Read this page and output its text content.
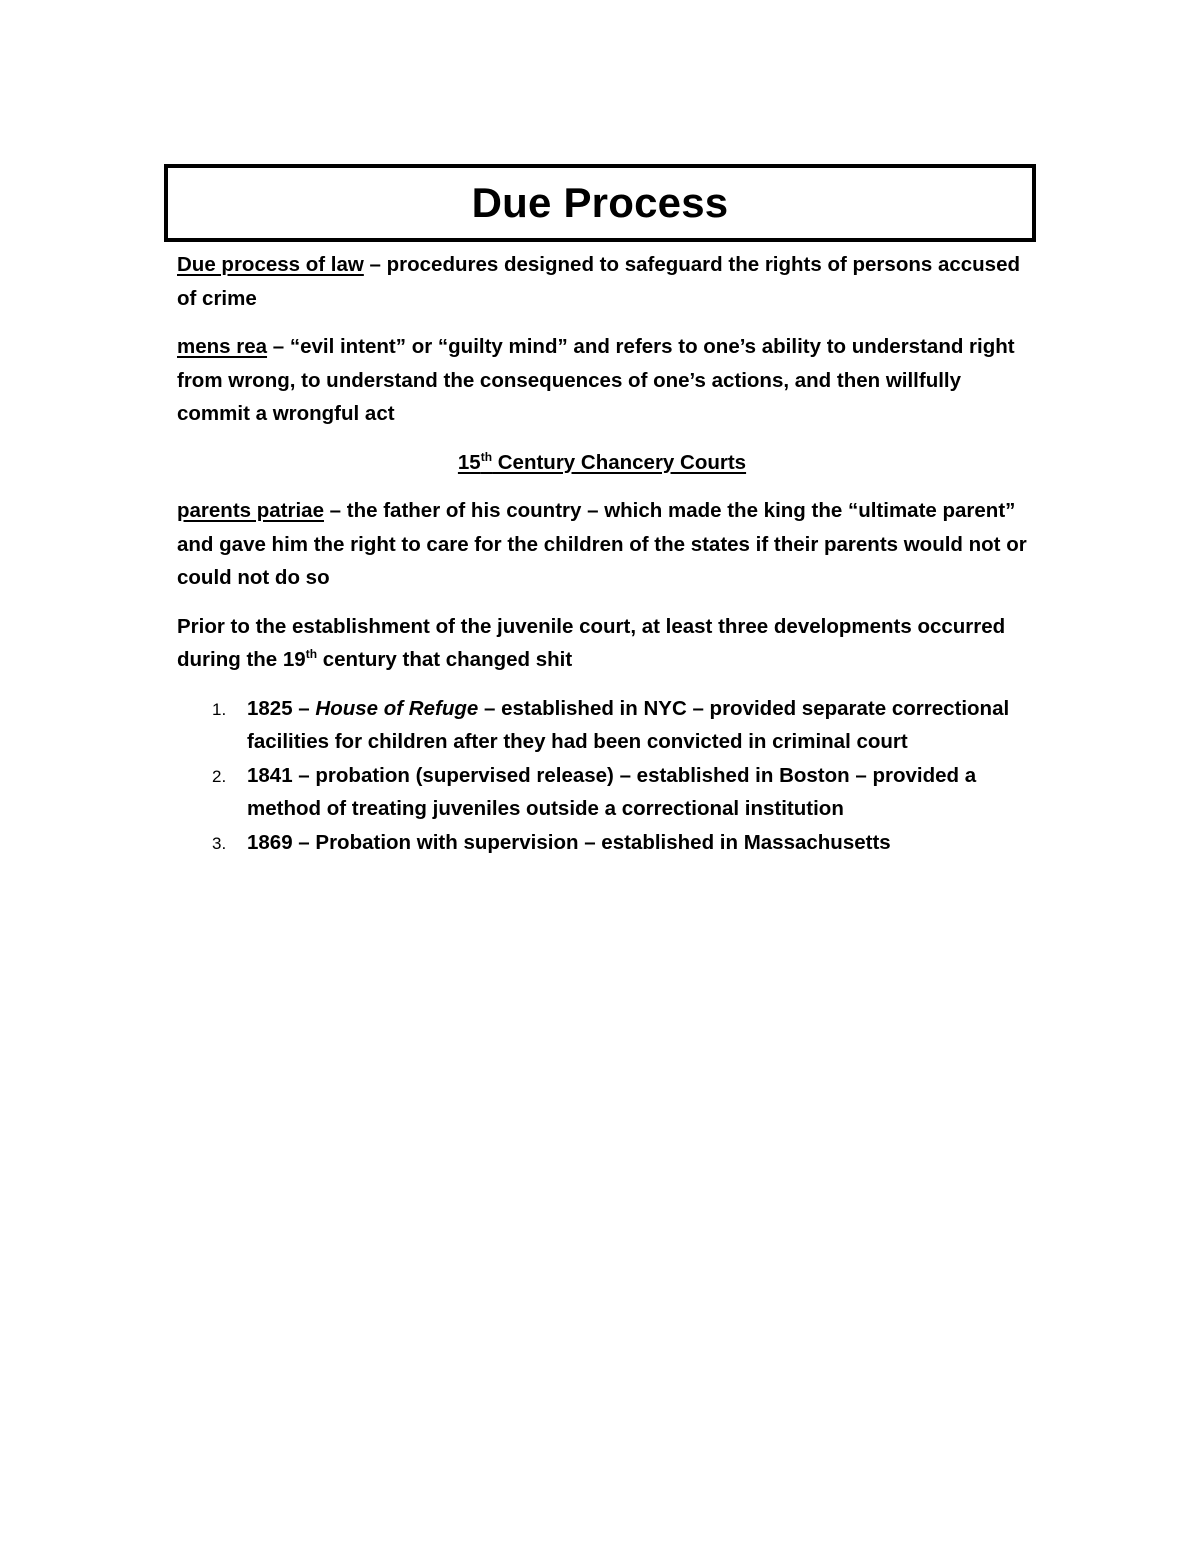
Due Process

Due process of law – procedures designed to safeguard the rights of persons accused of crime

mens rea – “evil intent” or “guilty mind” and refers to one’s ability to understand right from wrong, to understand the consequences of one’s actions, and then willfully commit a wrongful act

15th Century Chancery Courts

parents patriae – the father of his country – which made the king the “ultimate parent” and gave him the right to care for the children of the states if their parents would not or could not do so

Prior to the establishment of the juvenile court, at least three developments occurred during the 19th century that changed shit

1. 1825 – House of Refuge – established in NYC – provided separate correctional facilities for children after they had been convicted in criminal court
2. 1841 – probation (supervised release) – established in Boston – provided a method of treating juveniles outside a correctional institution
3. 1869 – Probation with supervision – established in Massachusetts
